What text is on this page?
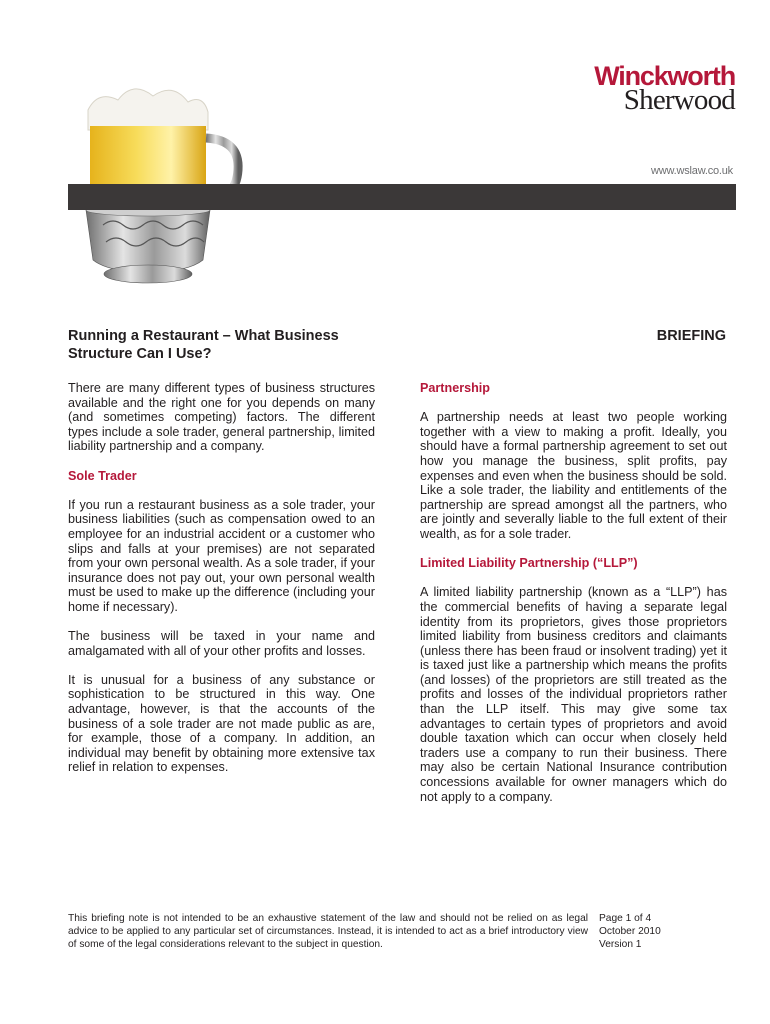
Winckworth
Sherwood
www.wslaw.co.uk
Running a Restaurant – What Business Structure Can I Use?
BRIEFING

There are many different types of business structures available and the right one for you depends on many (and sometimes competing) factors. The different types include a sole trader, general partnership, limited liability partnership and a company.

Sole Trader

If you run a restaurant business as a sole trader, your business liabilities (such as compensation owed to an employee for an industrial accident or a customer who slips and falls at your premises) are not separated from your own personal wealth. As a sole trader, if your insurance does not pay out, your own personal wealth must be used to make up the difference (including your home if necessary).

The business will be taxed in your name and amalgamated with all of your other profits and losses.

It is unusual for a business of any substance or sophistication to be structured in this way. One advantage, however, is that the accounts of the business of a sole trader are not made public as are, for example, those of a company. In addition, an individual may benefit by obtaining more extensive tax relief in relation to expenses.

Partnership

A partnership needs at least two people working together with a view to making a profit. Ideally, you should have a formal partnership agreement to set out how you manage the business, split profits, pay expenses and even when the business should be sold. Like a sole trader, the liability and entitlements of the partnership are spread amongst all the partners, who are jointly and severally liable to the full extent of their wealth, as for a sole trader.

Limited Liability Partnership (“LLP”)

A limited liability partnership (known as a “LLP”) has the commercial benefits of having a separate legal identity from its proprietors, gives those proprietors limited liability from business creditors and claimants (unless there has been fraud or insolvent trading) yet it is taxed just like a partnership which means the profits (and losses) of the proprietors are still treated as the profits and losses of the individual proprietors rather than the LLP itself. This may give some tax advantages to certain types of proprietors and avoid double taxation which can occur when closely held traders use a company to run their business. There may also be certain National Insurance contribution concessions available for owner managers which do not apply to a company.

This briefing note is not intended to be an exhaustive statement of the law and should not be relied on as legal advice to be applied to any particular set of circumstances. Instead, it is intended to act as a brief introductory view of some of the legal considerations relevant to the subject in question.
Page 1 of 4
October 2010
Version 1
